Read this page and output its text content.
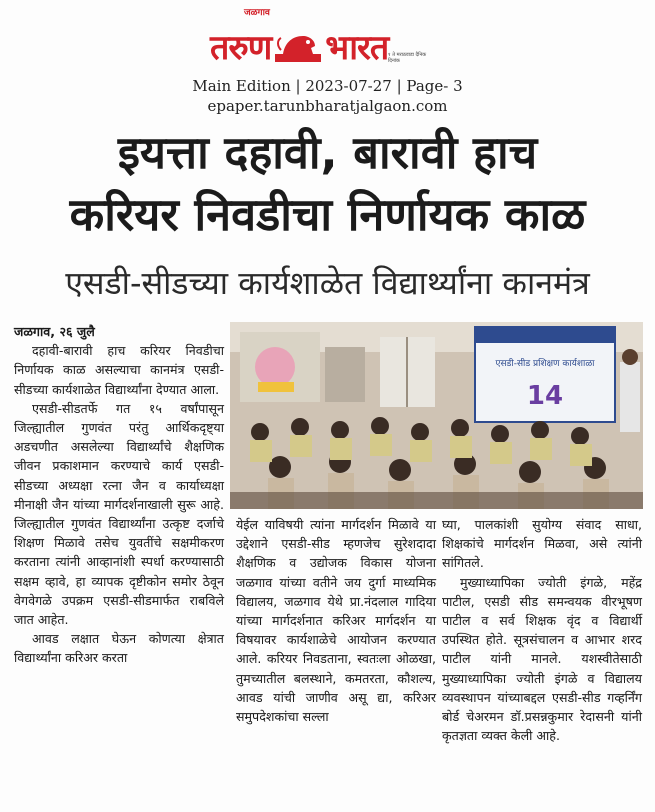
जळगाव
तरुण भारत १ ते मराठवाडा दैनिक
दिनांक
Main Edition | 2023-07-27 | Page- 3
epaper.tarunbharatjalgaon.com
इयत्ता दहावी, बारावी हाच
करियर निवडीचा निर्णायक काळ
एसडी-सीडच्या कार्यशाळेत विद्यार्थ्यांना कानमंत्र

जळगाव, २६ जुलै

दहावी-बारावी हाच करियर निवडीचा निर्णायक काळ असल्याचा कानमंत्र एसडी-सीडच्या कार्यशाळेत विद्यार्थ्यांना देण्यात आला.

एसडी-सीडतर्फे गत १५ वर्षांपासून जिल्ह्यातील गुणवंत परंतु आर्थिकदृष्ट्या अडचणीत असलेल्या विद्यार्थ्यांचे शैक्षणिक जीवन प्रकाशमान करण्याचे कार्य एसडी-सीडच्या अध्यक्षा रत्ना जैन व कार्याध्यक्षा मीनाक्षी जैन यांच्या मार्गदर्शनाखाली सुरू आहे. जिल्ह्यातील गुणवंत विद्यार्थ्यांना उत्कृष्ट दर्जाचे शिक्षण मिळावे तसेच युवतींचे सक्षमीकरण करताना त्यांनी आव्हानांशी स्पर्धा करण्यासाठी सक्षम व्हावे, हा व्यापक दृष्टीकोन समोर ठेवून वेगवेगळे उपक्रम एसडी-सीडमार्फत राबविले जात आहेत.

आवड लक्षात घेऊन कोणत्या क्षेत्रात विद्यार्थ्यांना करिअर करता

एसडी-सीड प्रशिक्षण कार्यशाळा
14

येईल याविषयी त्यांना मार्गदर्शन मिळावे या उद्देशाने एसडी-सीड म्हणजेच सुरेशदादा शैक्षणिक व उद्योजक विकास योजना जळगाव यांच्या वतीने जय दुर्गा माध्यमिक विद्यालय, जळगाव येथे प्रा.नंदलाल गादिया यांच्या मार्गदर्शनात करिअर मार्गदर्शन या विषयावर कार्यशाळेचे आयोजन करण्यात आले. करियर निवडताना, स्वतःला ओळखा, तुमच्यातील बलस्थाने, कमतरता, कौशल्य, आवड यांची जाणीव असू द्या, करिअर समुपदेशकांचा सल्ला

घ्या, पालकांशी सुयोग्य संवाद साधा, शिक्षकांचे मार्गदर्शन मिळवा, असे त्यांनी सांगितले.

मुख्याध्यापिका ज्योती इंगळे, महेंद्र पाटील, एसडी सीड समन्वयक वीरभूषण पाटील व सर्व शिक्षक वृंद व विद्यार्थी उपस्थित होते. सूत्रसंचालन व आभार शरद पाटील यांनी मानले. यशस्वीतेसाठी मुख्याध्यापिका ज्योती इंगळे व विद्यालय व्यवस्थापन यांच्याबद्दल एसडी-सीड गव्हर्निंग बोर्ड चेअरमन डॉ.प्रसन्नकुमार रेदासनी यांनी कृतज्ञता व्यक्त केली आहे.
